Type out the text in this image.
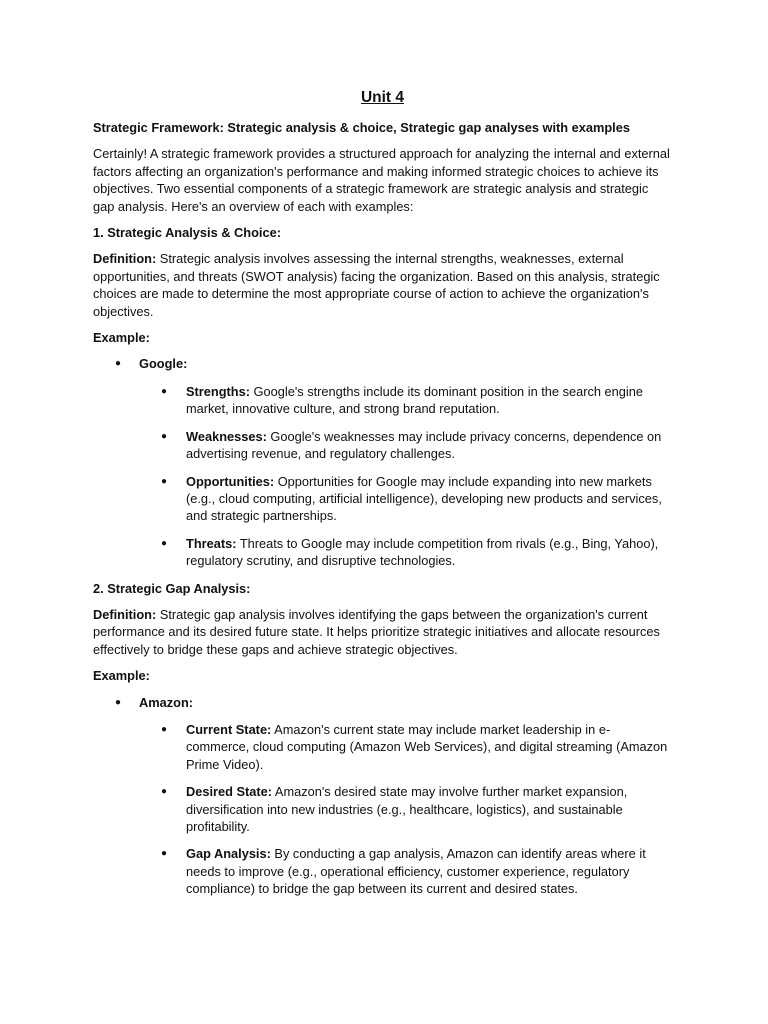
Unit 4
Strategic Framework: Strategic analysis & choice, Strategic gap analyses with examples

Certainly! A strategic framework provides a structured approach for analyzing the internal and external factors affecting an organization's performance and making informed strategic choices to achieve its objectives. Two essential components of a strategic framework are strategic analysis and strategic gap analysis. Here's an overview of each with examples:

1. Strategic Analysis & Choice:

Definition: Strategic analysis involves assessing the internal strengths, weaknesses, external opportunities, and threats (SWOT analysis) facing the organization. Based on this analysis, strategic choices are made to determine the most appropriate course of action to achieve the organization's objectives.

Example:
● Google:
● Strengths: Google's strengths include its dominant position in the search engine market, innovative culture, and strong brand reputation.
● Weaknesses: Google's weaknesses may include privacy concerns, dependence on advertising revenue, and regulatory challenges.
● Opportunities: Opportunities for Google may include expanding into new markets (e.g., cloud computing, artificial intelligence), developing new products and services, and strategic partnerships.
● Threats: Threats to Google may include competition from rivals (e.g., Bing, Yahoo), regulatory scrutiny, and disruptive technologies.
2. Strategic Gap Analysis:

Definition: Strategic gap analysis involves identifying the gaps between the organization's current performance and its desired future state. It helps prioritize strategic initiatives and allocate resources effectively to bridge these gaps and achieve strategic objectives.

Example:
● Amazon:
● Current State: Amazon's current state may include market leadership in e-commerce, cloud computing (Amazon Web Services), and digital streaming (Amazon Prime Video).
● Desired State: Amazon's desired state may involve further market expansion, diversification into new industries (e.g., healthcare, logistics), and sustainable profitability.
● Gap Analysis: By conducting a gap analysis, Amazon can identify areas where it needs to improve (e.g., operational efficiency, customer experience, regulatory compliance) to bridge the gap between its current and desired states.
